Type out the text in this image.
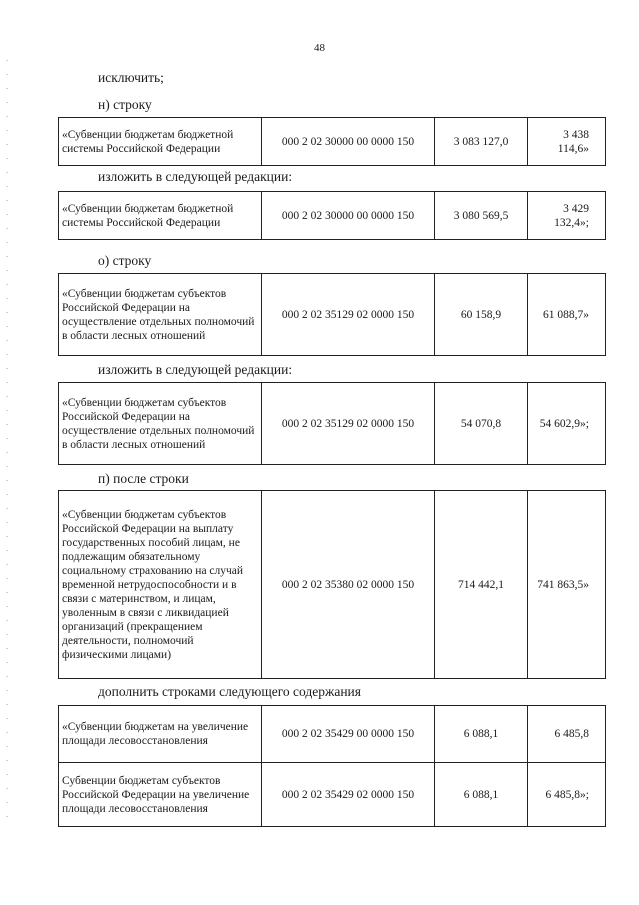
48
исключить;
н) строку
«Субвенции бюджетам бюджетной системы Российской Федерации	000 2 02 30000 00 0000 150	3 083 127,0	3 438 114,6»
изложить в следующей редакции:
«Субвенции бюджетам бюджетной системы Российской Федерации	000 2 02 30000 00 0000 150	3 080 569,5	3 429 132,4»;
о) строку
«Субвенции бюджетам субъектов Российской Федерации на осуществление отдельных полномочий в области лесных отношений	000 2 02 35129 02 0000 150	60 158,9	61 088,7»
изложить в следующей редакции:
«Субвенции бюджетам субъектов Российской Федерации на осуществление отдельных полномочий в области лесных отношений	000 2 02 35129 02 0000 150	54 070,8	54 602,9»;
п) после строки
«Субвенции бюджетам субъектов Российской Федерации на выплату государственных пособий лицам, не подлежащим обязательному социальному страхованию на случай временной нетрудоспособности и в связи с материнством, и лицам, уволенным в связи с ликвидацией организаций (прекращением деятельности, полномочий физическими лицами)	000 2 02 35380 02 0000 150	714 442,1	741 863,5»
дополнить строками следующего содержания
«Субвенции бюджетам на увеличение площади лесовосстановления	000 2 02 35429 00 0000 150	6 088,1	6 485,8
Субвенции бюджетам субъектов Российской Федерации на увеличение площади лесовосстановления	000 2 02 35429 02 0000 150	6 088,1	6 485,8»;
